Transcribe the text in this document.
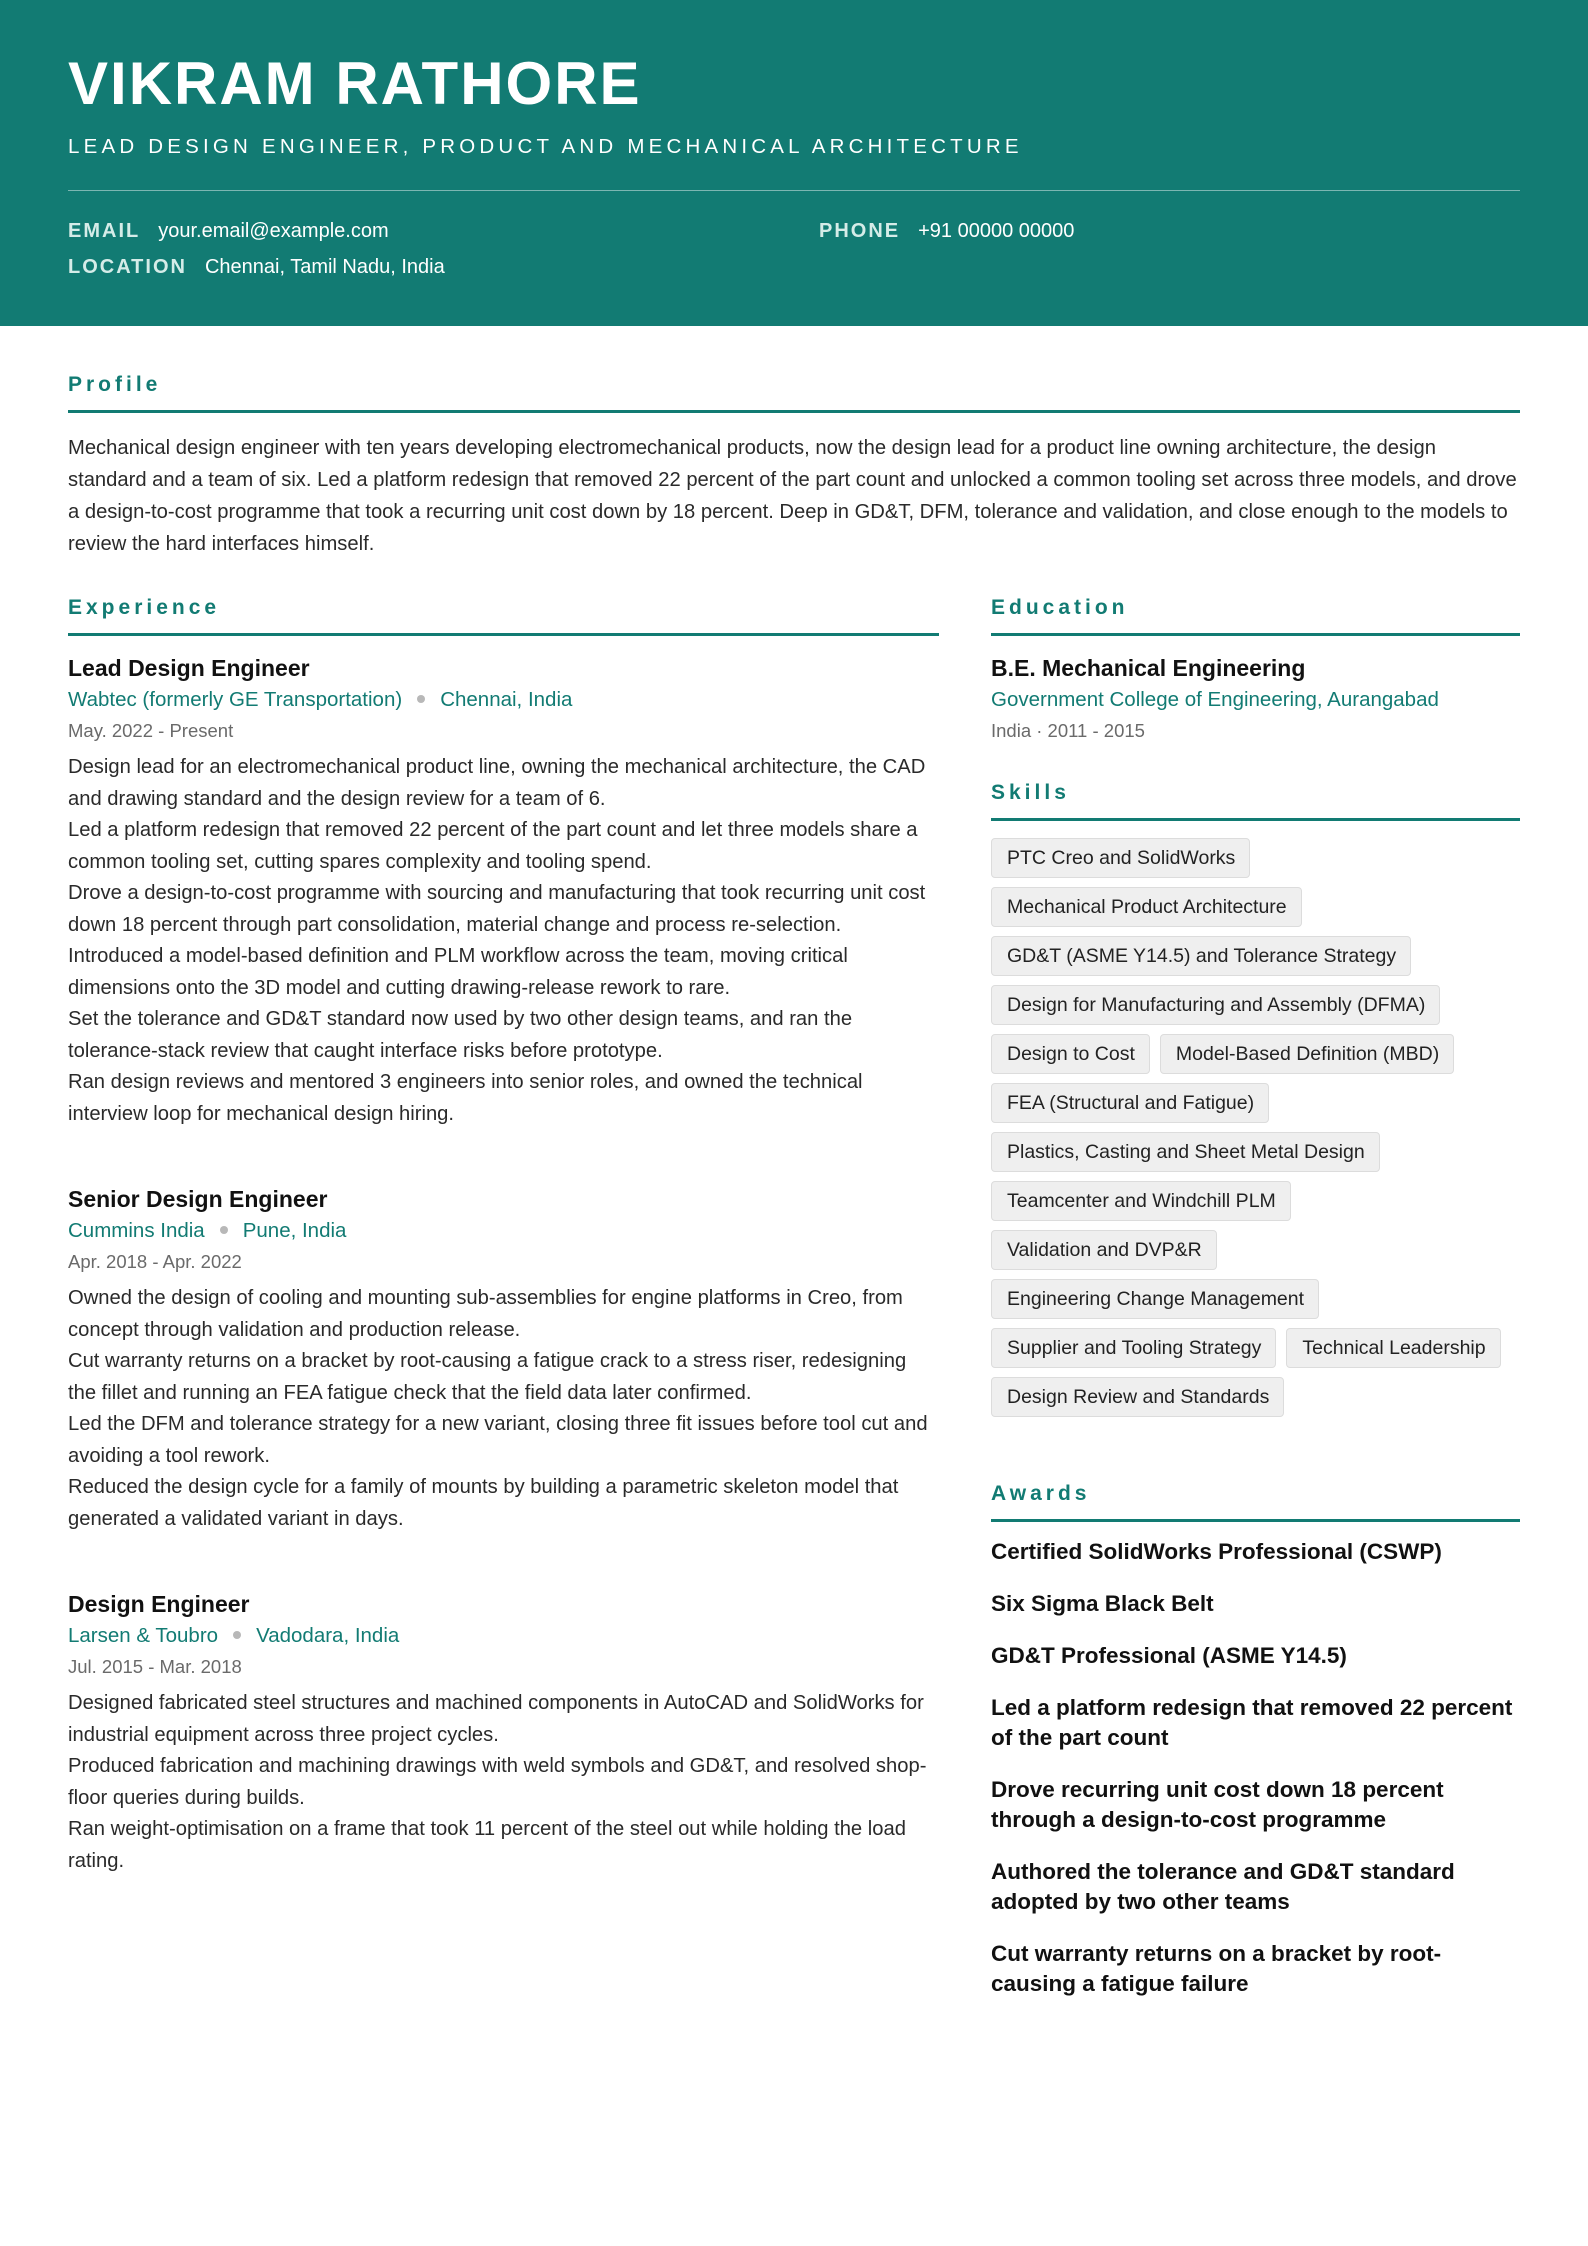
VIKRAM RATHORE
LEAD DESIGN ENGINEER, PRODUCT AND MECHANICAL ARCHITECTURE
EMAIL your.email@example.com	PHONE +91 00000 00000
LOCATION Chennai, Tamil Nadu, India
Profile
Mechanical design engineer with ten years developing electromechanical products, now the design lead for a product line owning architecture, the design standard and a team of six. Led a platform redesign that removed 22 percent of the part count and unlocked a common tooling set across three models, and drove a design-to-cost programme that took a recurring unit cost down by 18 percent. Deep in GD&T, DFM, tolerance and validation, and close enough to the models to review the hard interfaces himself.
Experience
Lead Design Engineer
Wabtec (formerly GE Transportation) Chennai, India
May. 2022 - Present
Design lead for an electromechanical product line, owning the mechanical architecture, the CAD and drawing standard and the design review for a team of 6.
Led a platform redesign that removed 22 percent of the part count and let three models share a common tooling set, cutting spares complexity and tooling spend.
Drove a design-to-cost programme with sourcing and manufacturing that took recurring unit cost down 18 percent through part consolidation, material change and process re-selection.
Introduced a model-based definition and PLM workflow across the team, moving critical dimensions onto the 3D model and cutting drawing-release rework to rare.
Set the tolerance and GD&T standard now used by two other design teams, and ran the tolerance-stack review that caught interface risks before prototype.
Ran design reviews and mentored 3 engineers into senior roles, and owned the technical interview loop for mechanical design hiring.
Senior Design Engineer
Cummins India Pune, India
Apr. 2018 - Apr. 2022
Owned the design of cooling and mounting sub-assemblies for engine platforms in Creo, from concept through validation and production release.
Cut warranty returns on a bracket by root-causing a fatigue crack to a stress riser, redesigning the fillet and running an FEA fatigue check that the field data later confirmed.
Led the DFM and tolerance strategy for a new variant, closing three fit issues before tool cut and avoiding a tool rework.
Reduced the design cycle for a family of mounts by building a parametric skeleton model that generated a validated variant in days.
Design Engineer
Larsen & Toubro Vadodara, India
Jul. 2015 - Mar. 2018
Designed fabricated steel structures and machined components in AutoCAD and SolidWorks for industrial equipment across three project cycles.
Produced fabrication and machining drawings with weld symbols and GD&T, and resolved shop-floor queries during builds.
Ran weight-optimisation on a frame that took 11 percent of the steel out while holding the load rating.
Education
B.E. Mechanical Engineering
Government College of Engineering, Aurangabad
India · 2011 - 2015
Skills
PTC Creo and SolidWorks
Mechanical Product Architecture
GD&T (ASME Y14.5) and Tolerance Strategy
Design for Manufacturing and Assembly (DFMA)
Design to Cost	Model-Based Definition (MBD)
FEA (Structural and Fatigue)
Plastics, Casting and Sheet Metal Design
Teamcenter and Windchill PLM
Validation and DVP&R
Engineering Change Management
Supplier and Tooling Strategy	Technical Leadership
Design Review and Standards
Awards
Certified SolidWorks Professional (CSWP)
Six Sigma Black Belt
GD&T Professional (ASME Y14.5)
Led a platform redesign that removed 22 percent of the part count
Drove recurring unit cost down 18 percent through a design-to-cost programme
Authored the tolerance and GD&T standard adopted by two other teams
Cut warranty returns on a bracket by root-causing a fatigue failure
